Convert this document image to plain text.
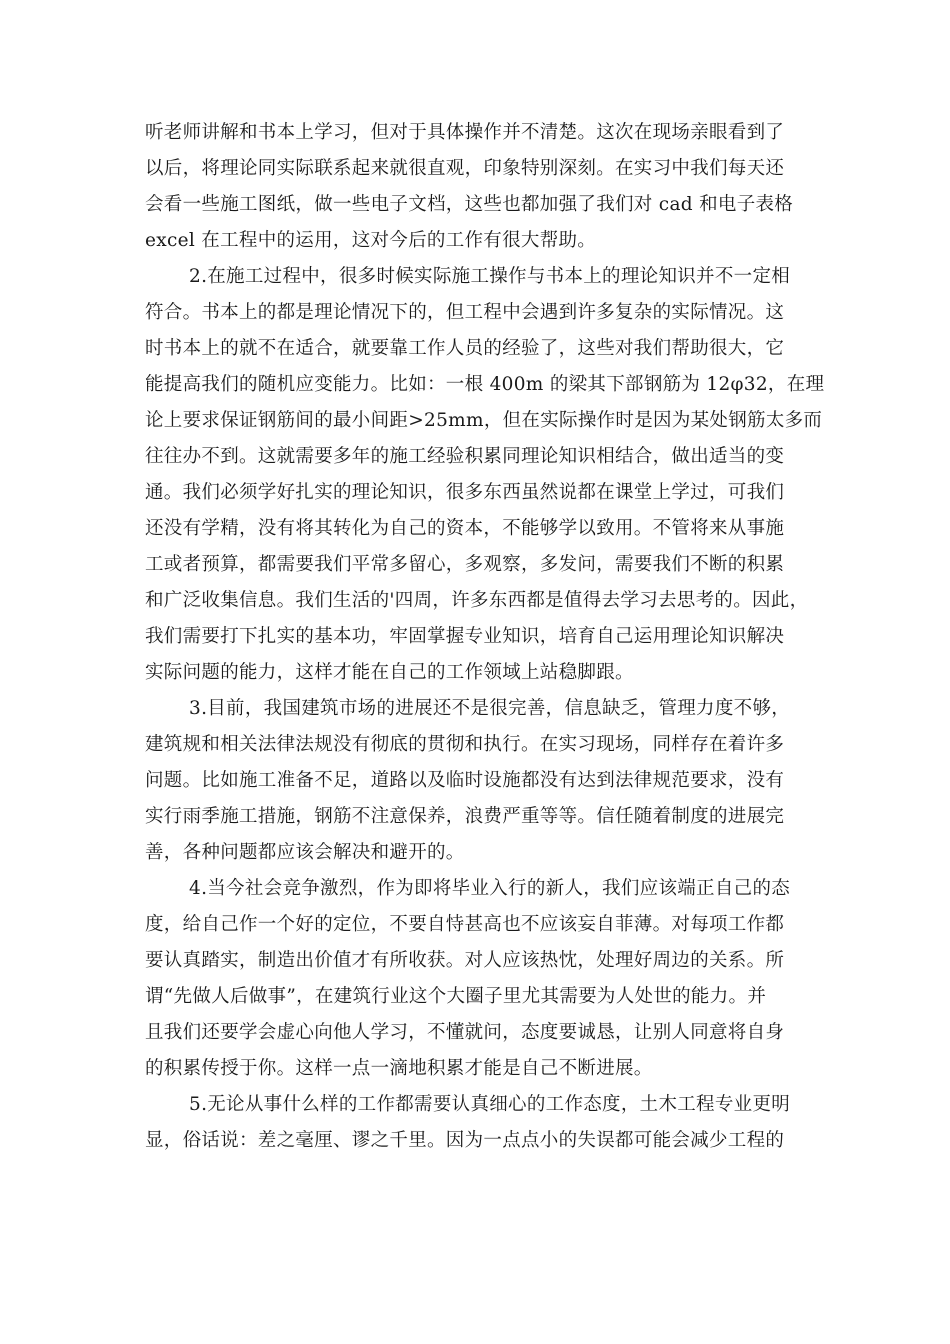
听老师讲解和书本上学习，但对于具体操作并不清楚。这次在现场亲眼看到了
以后，将理论同实际联系起来就很直观，印象特别深刻。在实习中我们每天还
会看一些施工图纸，做一些电子文档，这些也都加强了我们对 cad 和电子表格
excel 在工程中的运用，这对今后的工作有很大帮助。
2.在施工过程中，很多时候实际施工操作与书本上的理论知识并不一定相
符合。书本上的都是理论情况下的，但工程中会遇到许多复杂的实际情况。这
时书本上的就不在适合，就要靠工作人员的经验了，这些对我们帮助很大，它
能提高我们的随机应变能力。比如：一根 400m 的梁其下部钢筋为 12φ32，在理
论上要求保证钢筋间的最小间距>25mm，但在实际操作时是因为某处钢筋太多而
往往办不到。这就需要多年的施工经验积累同理论知识相结合，做出适当的变
通。我们必须学好扎实的理论知识，很多东西虽然说都在课堂上学过，可我们
还没有学精，没有将其转化为自己的资本，不能够学以致用。不管将来从事施
工或者预算，都需要我们平常多留心，多观察，多发问，需要我们不断的积累
和广泛收集信息。我们生活的'四周，许多东西都是值得去学习去思考的。因此，
我们需要打下扎实的基本功，牢固掌握专业知识，培育自己运用理论知识解决
实际问题的能力，这样才能在自己的工作领域上站稳脚跟。
3.目前，我国建筑市场的进展还不是很完善，信息缺乏，管理力度不够，
建筑规和相关法律法规没有彻底的贯彻和执行。在实习现场，同样存在着许多
问题。比如施工准备不足，道路以及临时设施都没有达到法律规范要求，没有
实行雨季施工措施，钢筋不注意保养，浪费严重等等。信任随着制度的进展完
善，各种问题都应该会解决和避开的。
4.当今社会竞争激烈，作为即将毕业入行的新人，我们应该端正自己的态
度，给自己作一个好的定位，不要自恃甚高也不应该妄自菲薄。对每项工作都
要认真踏实，制造出价值才有所收获。对人应该热忱，处理好周边的关系。所
谓“先做人后做事”，在建筑行业这个大圈子里尤其需要为人处世的能力。并
且我们还要学会虚心向他人学习，不懂就问，态度要诚恳，让别人同意将自身
的积累传授于你。这样一点一滴地积累才能是自己不断进展。
5.无论从事什么样的工作都需要认真细心的工作态度，土木工程专业更明
显，俗话说：差之毫厘、谬之千里。因为一点点小的失误都可能会减少工程的
